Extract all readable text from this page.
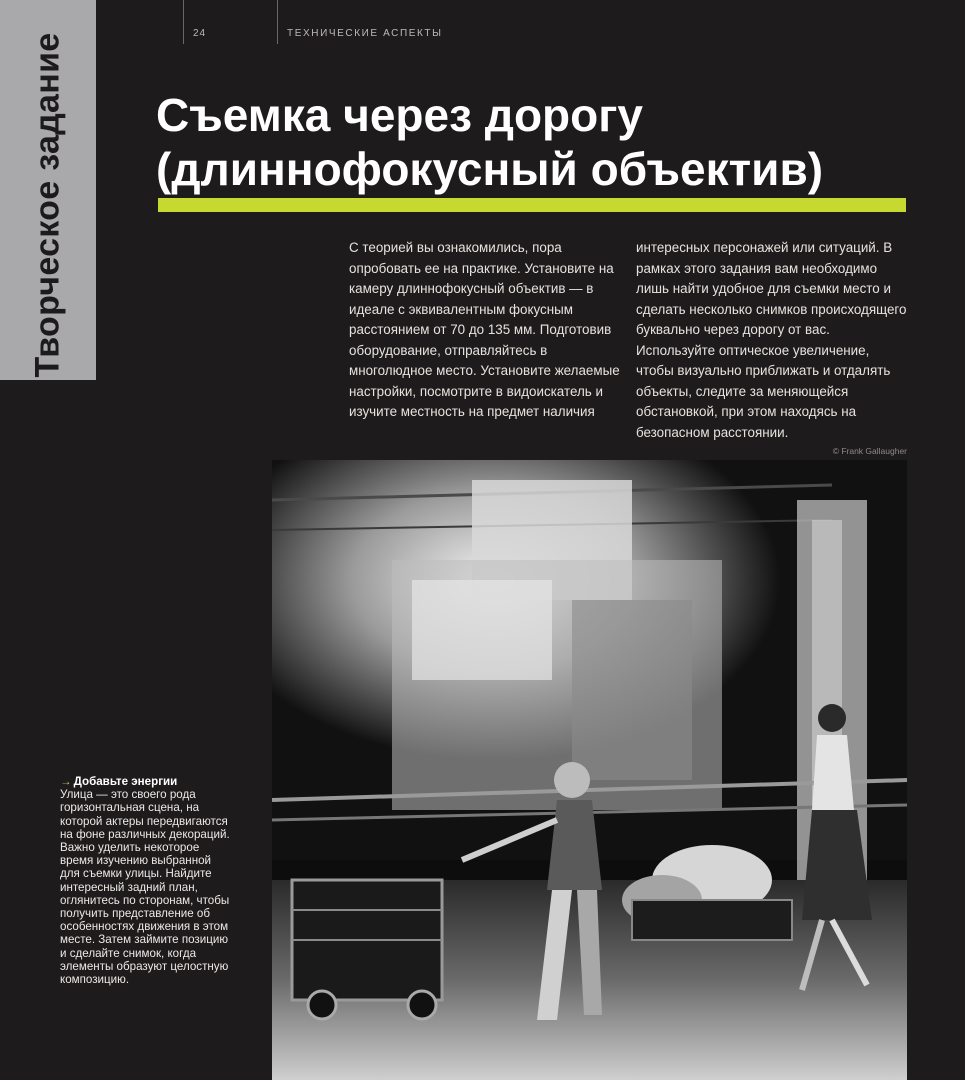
24	ТЕХНИЧЕСКИЕ АСПЕКТЫ
Творческое задание Съемка через дорогу
(длиннофокусный объектив)
С теорией вы ознакомились, пора опробовать ее на практике. Установите на камеру длиннофокусный объектив — в идеале с эквивалентным фокусным расстоянием от 70 до 135 мм. Подготовив оборудование, отправляйтесь в многолюдное место. Установите желаемые настройки, посмотрите в видоискатель и изучите местность на предмет наличия
интересных персонажей или ситуаций. В рамках этого задания вам необходимо лишь найти удобное для съемки место и сделать несколько снимков происходящего буквально через дорогу от вас. Используйте оптическое увеличение, чтобы визуально приближать и отдалять объекты, следите за меняющейся обстановкой, при этом находясь на безопасном расстоянии.
© Frank Gallaugher
→ Добавьте энергии
Улица — это своего рода горизонтальная сцена, на которой актеры передвигаются на фоне различных декораций. Важно уделить некоторое время изучению выбранной для съемки улицы. Найдите интересный задний план, оглянитесь по сторонам, чтобы получить представление об особенностях движения в этом месте. Затем займите позицию и сделайте снимок, когда элементы образуют целостную композицию.
